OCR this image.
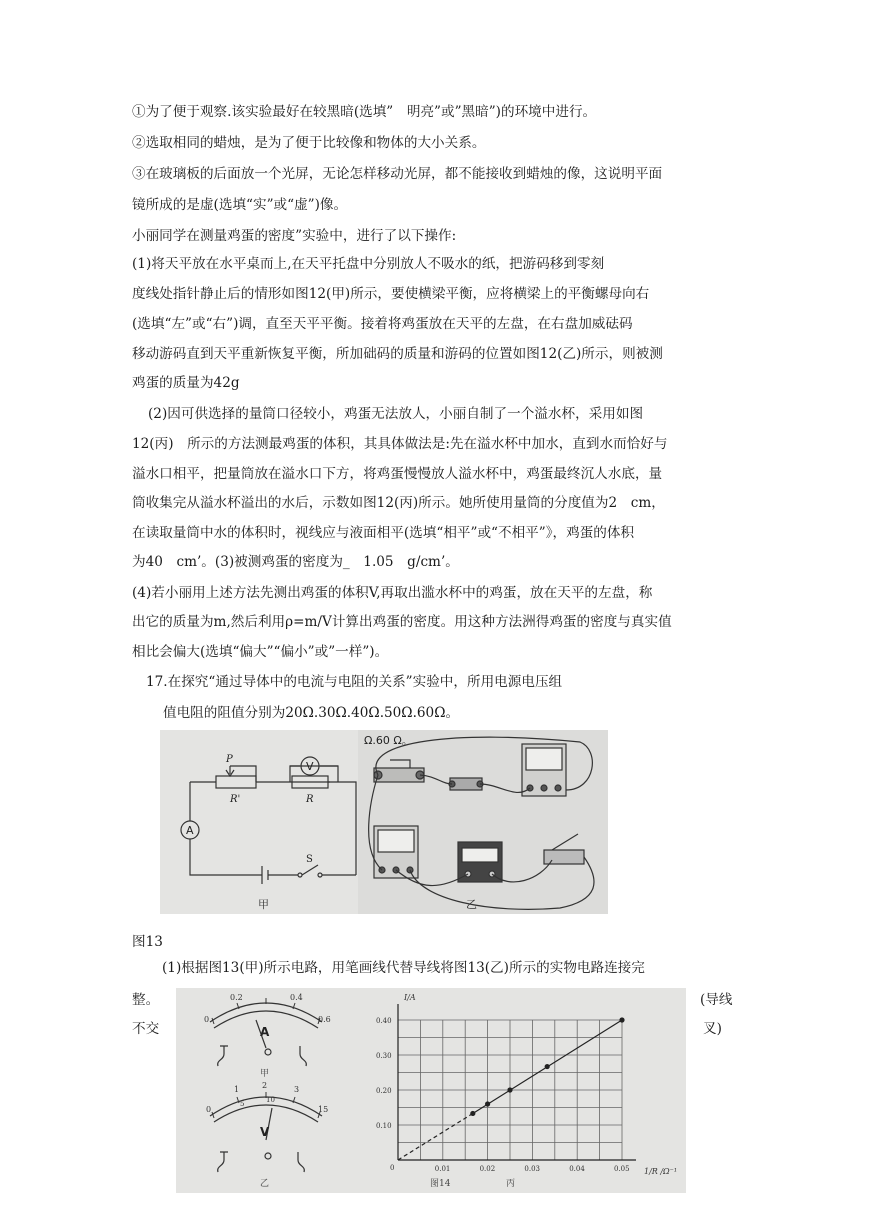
①为了便于观察.该实验最好在较黑暗(选填”　明亮”或”黑暗”)的环境中进行。
②选取相同的蜡烛，是为了便于比较像和物体的大小关系。
③在玻璃板的后面放一个光屏，无论怎样移动光屏，都不能接收到蜡烛的像，这说明平面
镜所成的是虚(选填“实”或“虚”)像。
小丽同学在测量鸡蛋的密度”实验中，进行了以下操作:
(1)将天平放在水平桌而上,在天平托盘中分别放人不吸水的纸，把游码移到零刻
度线处指针静止后的情形如图12(甲)所示，要使横梁平衡，应将横梁上的平衡螺母向右
(选填“左”或“右”)调，直至天平平衡。接着将鸡蛋放在天平的左盘，在右盘加威砝码
移动游码直到天平重新恢复平衡，所加础码的质量和游码的位置如图12(乙)所示，则被测
鸡蛋的质量为42g
(2)因可供选择的量筒口径较小，鸡蛋无法放人，小丽自制了一个溢水杯，采用如图
12(丙)　所示的方法测最鸡蛋的体积，其具体做法是:先在溢水杯中加水，直到水而恰好与
溢水口相平，把量筒放在溢水口下方，将鸡蛋慢慢放人溢水杯中，鸡蛋最终沉人水底，量
筒收集完从溢水杯溢出的水后，示数如图12(丙)所示。她所使用量筒的分度值为2　cm，
在读取量筒中水的体积时，视线应与液面相平(选填“相平”或“不相平”》，鸡蛋的体积
为40　cm’。(3)被测鸡蛋的密度为_　1.05　g/cm’。
(4)若小丽用上述方法先测出鸡蛋的体积V,再取出滥水杯中的鸡蛋，放在天平的左盘，称
出它的质量为m,然后利用ρ=m/V计算出鸡蛋的密度。用这种方法洲得鸡蛋的密度与真实值
相比会偏大(选填“偏大”“偏小”或”一样”)。
17.在探究“通过导体中的电流与电阻的关系”实验中，所用电源电压组
值电阻的阻值分别为20Ω.30Ω.40Ω.50Ω.60Ω。
A
V
P
R'	R
S
甲
Ω.60 Ω。
乙
图13
(1)根据图13(甲)所示电路，用笔画线代替导线将图13(乙)所示的实物电路连接完
整。
不交
(导线
叉)
0
0.2	0.4
0.6
A
甲
0
1	2	3
5	10
15
V
乙
0.01	0.02	0.03	0.04	0.05
0.10
0.20
0.30
0.40
0
I/A
1/R /Ω⁻¹
丙
图14
